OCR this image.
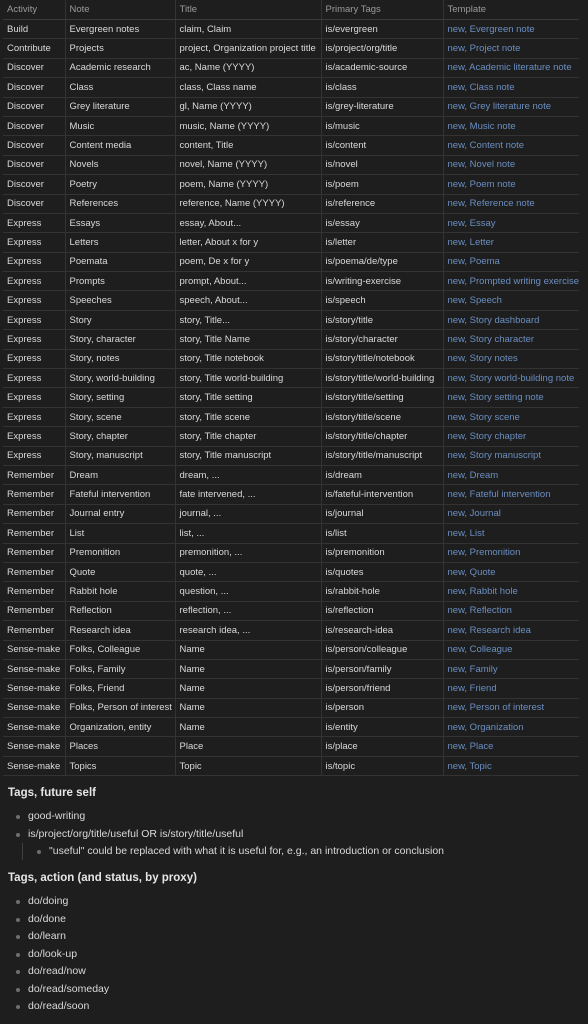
Activity	Note	Title	Primary Tags	Template
Build	Evergreen notes	claim, Claim	is/evergreen	new, Evergreen note
Contribute	Projects	project, Organization project title	is/project/org/title	new, Project note
Discover	Academic research	ac, Name (YYYY)	is/academic-source	new, Academic literature note
Discover	Class	class, Class name	is/class	new, Class note
Discover	Grey literature	gl, Name (YYYY)	is/grey-literature	new, Grey literature note
Discover	Music	music, Name (YYYY)	is/music	new, Music note
Discover	Content media	content, Title	is/content	new, Content note
Discover	Novels	novel, Name (YYYY)	is/novel	new, Novel note
Discover	Poetry	poem, Name (YYYY)	is/poem	new, Poem note
Discover	References	reference, Name (YYYY)	is/reference	new, Reference note
Express	Essays	essay, About...	is/essay	new, Essay
Express	Letters	letter, About x for y	is/letter	new, Letter
Express	Poemata	poem, De x for y	is/poema/de/type	new, Poema
Express	Prompts	prompt, About...	is/writing-exercise	new, Prompted writing exercise
Express	Speeches	speech, About...	is/speech	new, Speech
Express	Story	story, Title...	is/story/title	new, Story dashboard
Express	Story, character	story, Title Name	is/story/character	new, Story character
Express	Story, notes	story, Title notebook	is/story/title/notebook	new, Story notes
Express	Story, world-building	story, Title world-building	is/story/title/world-building	new, Story world-building note
Express	Story, setting	story, Title setting	is/story/title/setting	new, Story setting note
Express	Story, scene	story, Title scene	is/story/title/scene	new, Story scene
Express	Story, chapter	story, Title chapter	is/story/title/chapter	new, Story chapter
Express	Story, manuscript	story, Title manuscript	is/story/title/manuscript	new, Story manuscript
Remember	Dream	dream, ...	is/dream	new, Dream
Remember	Fateful intervention	fate intervened, ...	is/fateful-intervention	new, Fateful intervention
Remember	Journal entry	journal, ...	is/journal	new, Journal
Remember	List	list, ...	is/list	new, List
Remember	Premonition	premonition, ...	is/premonition	new, Premonition
Remember	Quote	quote, ...	is/quotes	new, Quote
Remember	Rabbit hole	question, ...	is/rabbit-hole	new, Rabbit hole
Remember	Reflection	reflection, ...	is/reflection	new, Reflection
Remember	Research idea	research idea, ...	is/research-idea	new, Research idea
Sense-make	Folks, Colleague	Name	is/person/colleague	new, Colleague
Sense-make	Folks, Family	Name	is/person/family	new, Family
Sense-make	Folks, Friend	Name	is/person/friend	new, Friend
Sense-make	Folks, Person of interest	Name	is/person	new, Person of interest
Sense-make	Organization, entity	Name	is/entity	new, Organization
Sense-make	Places	Place	is/place	new, Place
Sense-make	Topics	Topic	is/topic	new, Topic
Tags, future self
good-writing
is/project/org/title/useful OR is/story/title/useful
"useful" could be replaced with what it is useful for, e.g., an introduction or conclusion
Tags, action (and status, by proxy)
do/doing
do/done
do/learn
do/look-up
do/read/now
do/read/someday
do/read/soon
